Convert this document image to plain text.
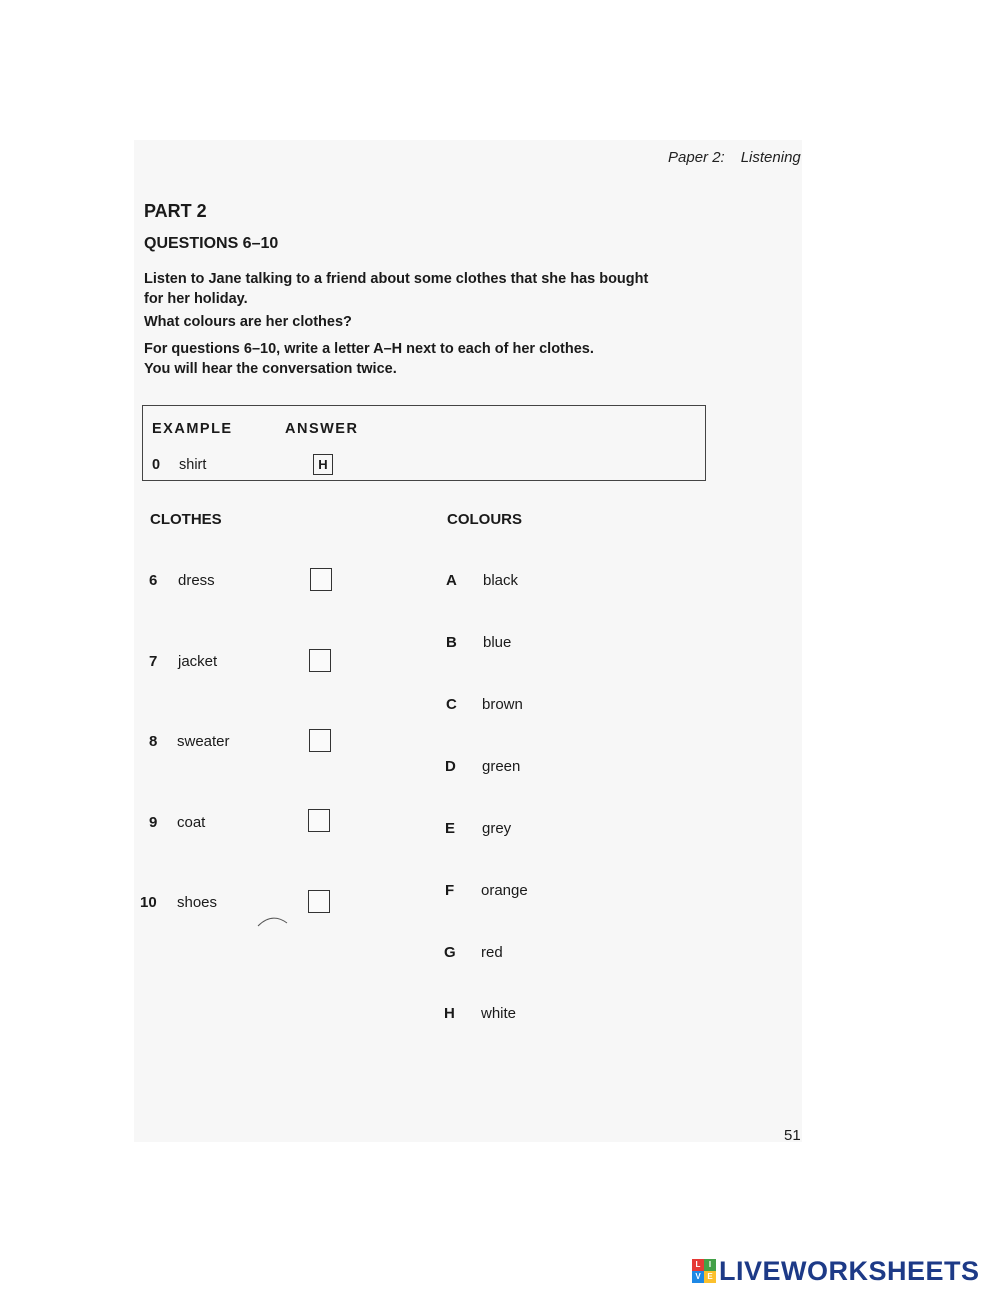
Paper 2: Listening
PART 2
QUESTIONS 6–10
Listen to Jane talking to a friend about some clothes that she has bought
for her holiday.
What colours are her clothes?
For questions 6–10, write a letter A–H next to each of her clothes.
You will hear the conversation twice.
EXAMPLE	ANSWER
0 shirt	H
CLOTHES	COLOURS
6 dress
7 jacket
8 sweater
9 coat
10 shoes
A black
B blue
C brown
D green
E grey
F orange
G red
H white
51
L	I
V E LIVEWORKSHEETS
